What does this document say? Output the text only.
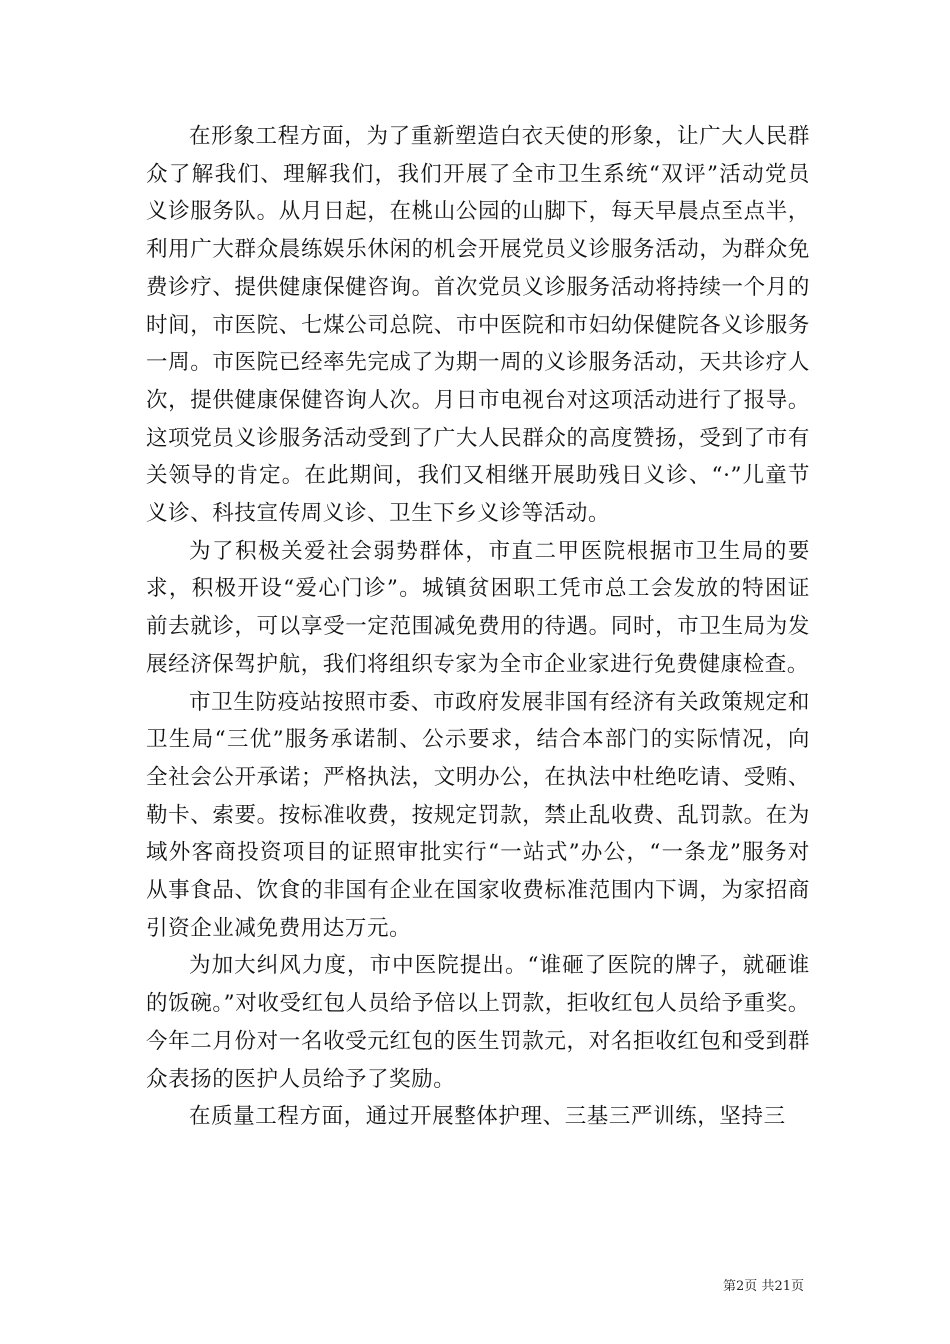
在形象工程方面，为了重新塑造白衣天使的形象，让广大人民群众了解我们、理解我们，我们开展了全市卫生系统“双评”活动党员义诊服务队。从月日起，在桃山公园的山脚下，每天早晨点至点半，利用广大群众晨练娱乐休闲的机会开展党员义诊服务活动，为群众免费诊疗、提供健康保健咨询。首次党员义诊服务活动将持续一个月的时间，市医院、七煤公司总院、市中医院和市妇幼保健院各义诊服务一周。市医院已经率先完成了为期一周的义诊服务活动，天共诊疗人次，提供健康保健咨询人次。月日市电视台对这项活动进行了报导。这项党员义诊服务活动受到了广大人民群众的高度赞扬，受到了市有关领导的肯定。在此期间，我们又相继开展助残日义诊、“·”儿童节义诊、科技宣传周义诊、卫生下乡义诊等活动。

为了积极关爱社会弱势群体，市直二甲医院根据市卫生局的要求，积极开设“爱心门诊”。城镇贫困职工凭市总工会发放的特困证前去就诊，可以享受一定范围减免费用的待遇。同时，市卫生局为发展经济保驾护航，我们将组织专家为全市企业家进行免费健康检查。

市卫生防疫站按照市委、市政府发展非国有经济有关政策规定和卫生局“三优”服务承诺制、公示要求，结合本部门的实际情况，向全社会公开承诺；严格执法，文明办公，在执法中杜绝吃请、受贿、勒卡、索要。按标准收费，按规定罚款，禁止乱收费、乱罚款。在为域外客商投资项目的证照审批实行“一站式”办公，“一条龙”服务对从事食品、饮食的非国有企业在国家收费标准范围内下调，为家招商引资企业减免费用达万元。

为加大纠风力度，市中医院提出。“谁砸了医院的牌子，就砸谁的饭碗。”对收受红包人员给予倍以上罚款，拒收红包人员给予重奖。今年二月份对一名收受元红包的医生罚款元，对名拒收红包和受到群众表扬的医护人员给予了奖励。

在质量工程方面，通过开展整体护理、三基三严训练，坚持三

第2页 共21页
